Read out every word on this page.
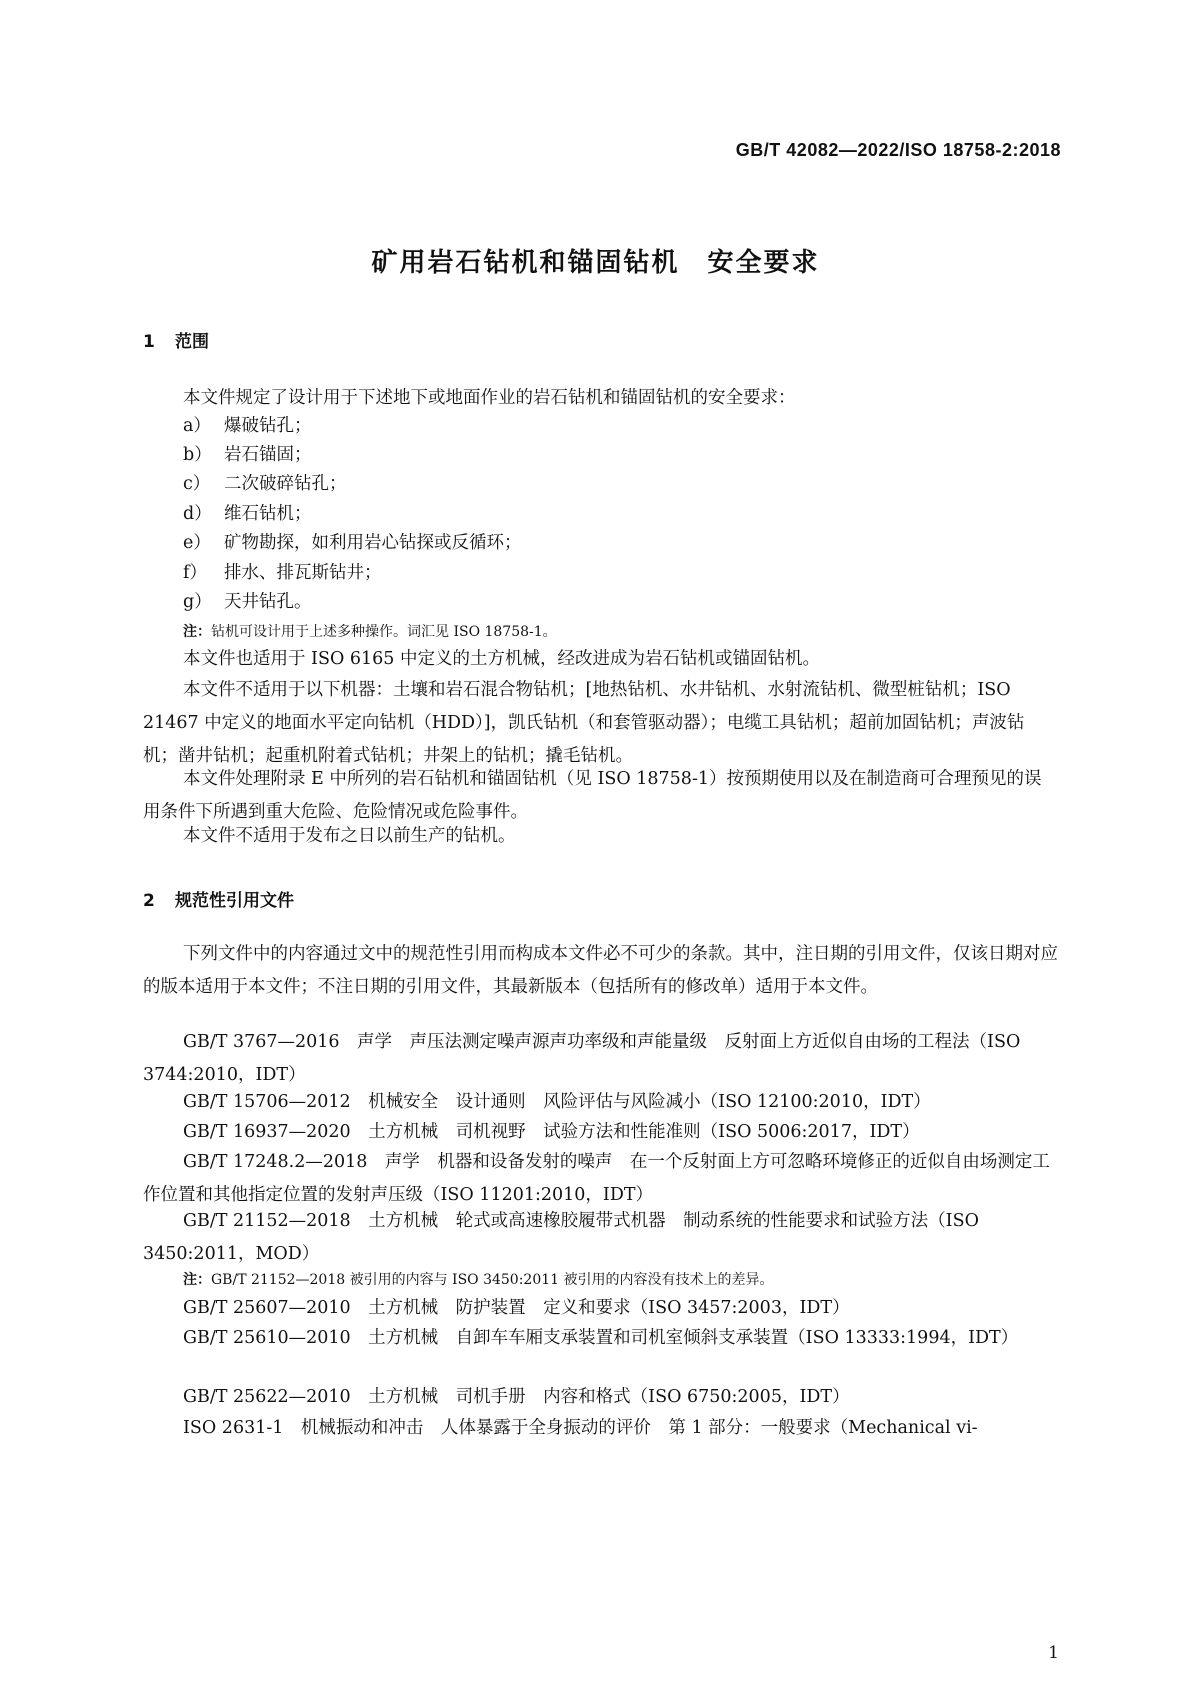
GB/T 42082—2022/ISO 18758-2:2018
矿用岩石钻机和锚固钻机　安全要求
1 范围

本文件规定了设计用于下述地下或地面作业的岩石钻机和锚固钻机的安全要求：

a） 爆破钻孔；
b） 岩石锚固；
c） 二次破碎钻孔；
d） 维石钻机；
e） 矿物勘探，如利用岩心钻探或反循环；
f） 排水、排瓦斯钻井；
g） 天井钻孔。
注：钻机可设计用于上述多种操作。词汇见 ISO 18758-1。

本文件也适用于 ISO 6165 中定义的土方机械，经改进成为岩石钻机或锚固钻机。

本文件不适用于以下机器：土壤和岩石混合物钻机；[地热钻机、水井钻机、水射流钻机、微型桩钻机；ISO 21467 中定义的地面水平定向钻机（HDD）]，凯氏钻机（和套管驱动器）；电缆工具钻机；超前加固钻机；声波钻机；凿井钻机；起重机附着式钻机；井架上的钻机；撬毛钻机。

本文件处理附录 E 中所列的岩石钻机和锚固钻机（见 ISO 18758-1）按预期使用以及在制造商可合理预见的误用条件下所遇到重大危险、危险情况或危险事件。

本文件不适用于发布之日以前生产的钻机。

2 规范性引用文件

下列文件中的内容通过文中的规范性引用而构成本文件必不可少的条款。其中，注日期的引用文件，仅该日期对应的版本适用于本文件；不注日期的引用文件，其最新版本（包括所有的修改单）适用于本文件。

GB/T 3767—2016　声学　声压法测定噪声源声功率级和声能量级　反射面上方近似自由场的工程法（ISO 3744:2010，IDT）

GB/T 15706—2012　机械安全　设计通则　风险评估与风险减小（ISO 12100:2010，IDT）

GB/T 16937—2020　土方机械　司机视野　试验方法和性能准则（ISO 5006:2017，IDT）

GB/T 17248.2—2018　声学　机器和设备发射的噪声　在一个反射面上方可忽略环境修正的近似自由场测定工作位置和其他指定位置的发射声压级（ISO 11201:2010，IDT）

GB/T 21152—2018　土方机械　轮式或高速橡胶履带式机器　制动系统的性能要求和试验方法（ISO 3450:2011，MOD）

注：GB/T 21152—2018 被引用的内容与 ISO 3450:2011 被引用的内容没有技术上的差异。

GB/T 25607—2010　土方机械　防护装置　定义和要求（ISO 3457:2003，IDT）

GB/T 25610—2010　土方机械　自卸车车厢支承装置和司机室倾斜支承装置（ISO 13333:1994，IDT）

GB/T 25622—2010　土方机械　司机手册　内容和格式（ISO 6750:2005，IDT）

ISO 2631-1　机械振动和冲击　人体暴露于全身振动的评价　第 1 部分：一般要求（Mechanical vi-

1
